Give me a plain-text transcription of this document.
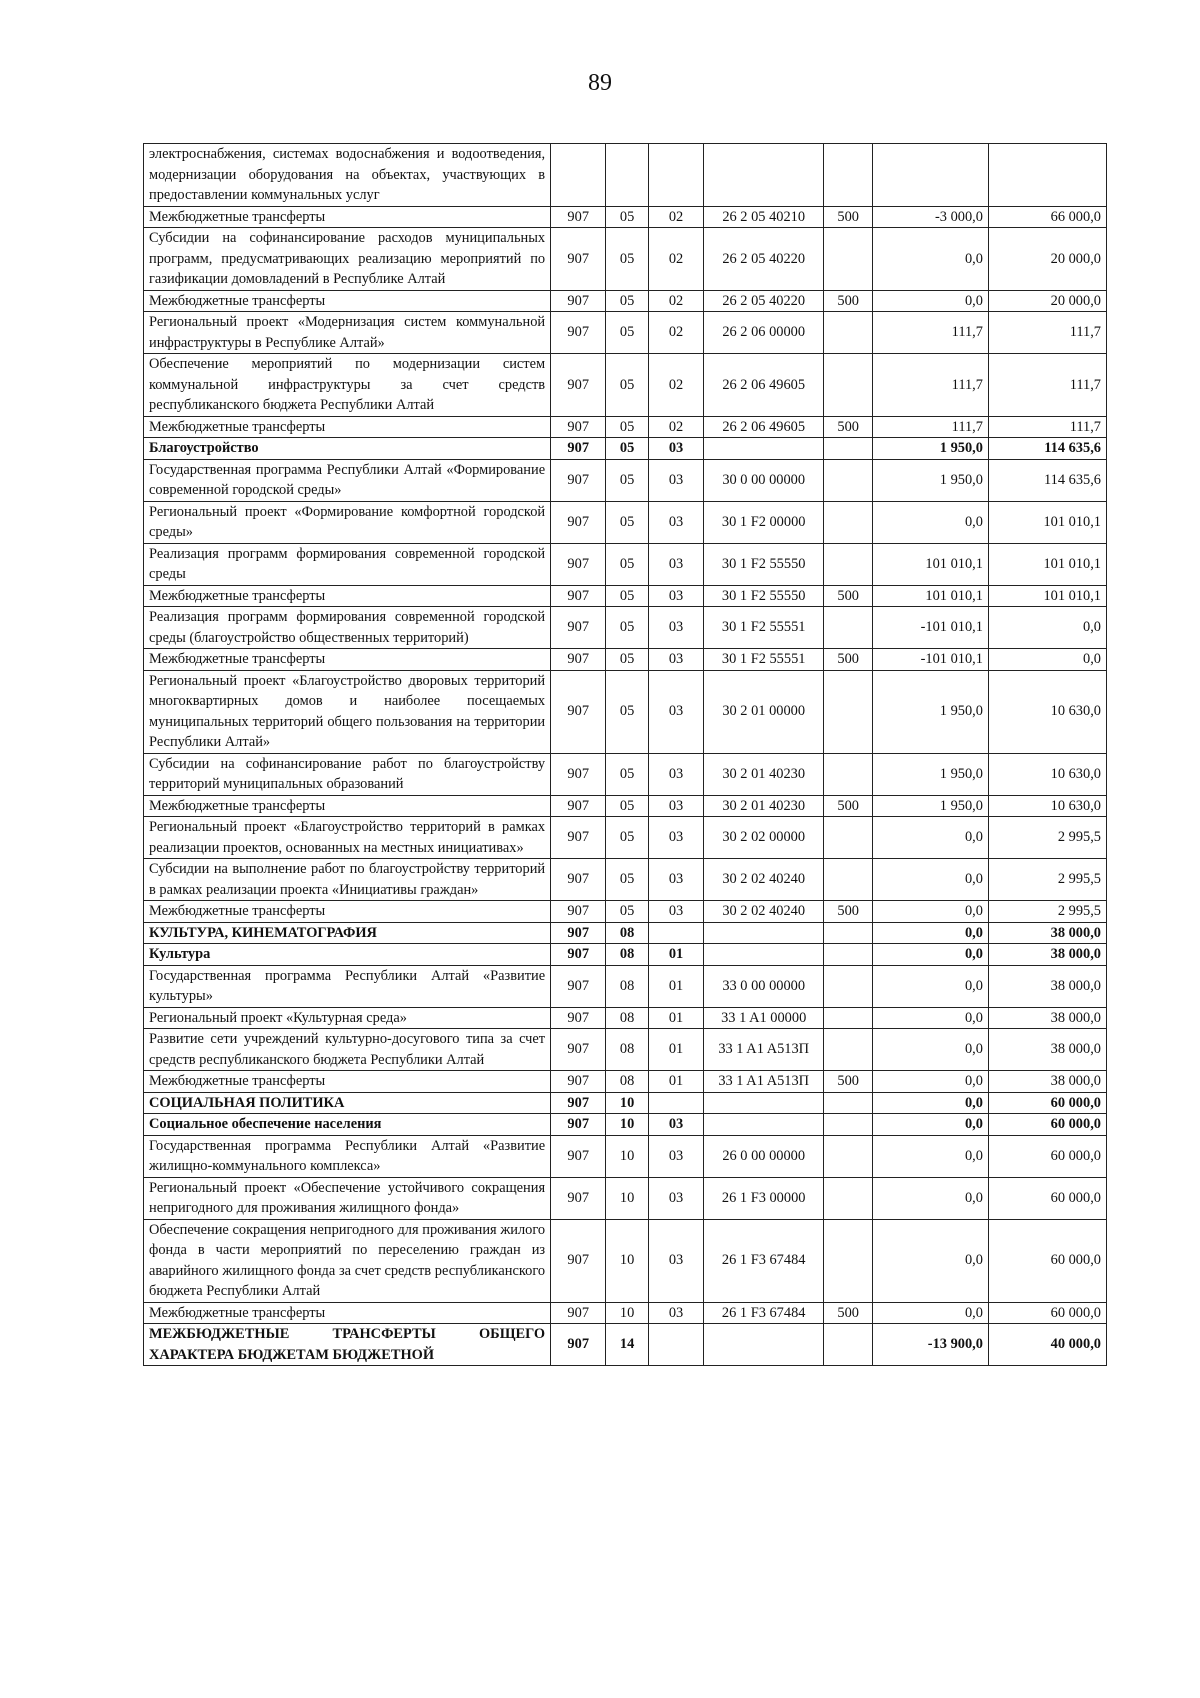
89
электроснабжения, системах водоснабжения и водоотведения, модернизации оборудования на объектах, участвующих в предоставлении коммунальных услуг							
Межбюджетные трансферты	907	05	02	26 2 05 40210	500	-3 000,0	66 000,0
Субсидии на софинансирование расходов муниципальных программ, предусматривающих реализацию мероприятий по газификации домовладений в Республике Алтай	907	05	02	26 2 05 40220		0,0	20 000,0
Межбюджетные трансферты	907	05	02	26 2 05 40220	500	0,0	20 000,0
Региональный проект «Модернизация систем коммунальной инфраструктуры в Республике Алтай»	907	05	02	26 2 06 00000		111,7	111,7
Обеспечение мероприятий по модернизации систем коммунальной инфраструктуры за счет средств республиканского бюджета Республики Алтай	907	05	02	26 2 06 49605		111,7	111,7
Межбюджетные трансферты	907	05	02	26 2 06 49605	500	111,7	111,7
Благоустройство	907	05	03			1 950,0	114 635,6
Государственная программа Республики Алтай «Формирование современной городской среды»	907	05	03	30 0 00 00000		1 950,0	114 635,6
Региональный проект «Формирование комфортной городской среды»	907	05	03	30 1 F2 00000		0,0	101 010,1
Реализация программ формирования современной городской среды	907	05	03	30 1 F2 55550		101 010,1	101 010,1
Межбюджетные трансферты	907	05	03	30 1 F2 55550	500	101 010,1	101 010,1
Реализация программ формирования современной городской среды (благоустройство общественных территорий)	907	05	03	30 1 F2 55551		-101 010,1	0,0
Межбюджетные трансферты	907	05	03	30 1 F2 55551	500	-101 010,1	0,0
Региональный проект «Благоустройство дворовых территорий многоквартирных домов и наиболее посещаемых муниципальных территорий общего пользования на территории Республики Алтай»	907	05	03	30 2 01 00000		1 950,0	10 630,0
Субсидии на софинансирование работ по благоустройству территорий муниципальных образований	907	05	03	30 2 01 40230		1 950,0	10 630,0
Межбюджетные трансферты	907	05	03	30 2 01 40230	500	1 950,0	10 630,0
Региональный проект «Благоустройство территорий в рамках реализации проектов, основанных на местных инициативах»	907	05	03	30 2 02 00000		0,0	2 995,5
Субсидии на выполнение работ по благоустройству территорий в рамках реализации проекта «Инициативы граждан»	907	05	03	30 2 02 40240		0,0	2 995,5
Межбюджетные трансферты	907	05	03	30 2 02 40240	500	0,0	2 995,5
КУЛЬТУРА, КИНЕМАТОГРАФИЯ	907	08				0,0	38 000,0
Культура	907	08	01			0,0	38 000,0
Государственная программа Республики Алтай «Развитие культуры»	907	08	01	33 0 00 00000		0,0	38 000,0
Региональный проект «Культурная среда»	907	08	01	33 1 A1 00000		0,0	38 000,0
Развитие сети учреждений культурно-досугового типа за счет средств республиканского бюджета Республики Алтай	907	08	01	33 1 A1 A513П		0,0	38 000,0
Межбюджетные трансферты	907	08	01	33 1 A1 A513П	500	0,0	38 000,0
СОЦИАЛЬНАЯ ПОЛИТИКА	907	10				0,0	60 000,0
Социальное обеспечение населения	907	10	03			0,0	60 000,0
Государственная программа Республики Алтай «Развитие жилищно-коммунального комплекса»	907	10	03	26 0 00 00000		0,0	60 000,0
Региональный проект «Обеспечение устойчивого сокращения непригодного для проживания жилищного фонда»	907	10	03	26 1 F3 00000		0,0	60 000,0
Обеспечение сокращения непригодного для проживания жилого фонда в части мероприятий по переселению граждан из аварийного жилищного фонда за счет средств республиканского бюджета Республики Алтай	907	10	03	26 1 F3 67484		0,0	60 000,0
Межбюджетные трансферты	907	10	03	26 1 F3 67484	500	0,0	60 000,0
МЕЖБЮДЖЕТНЫЕ ТРАНСФЕРТЫ ОБЩЕГО ХАРАКТЕРА БЮДЖЕТАМ БЮДЖЕТНОЙ	907	14				-13 900,0	40 000,0
